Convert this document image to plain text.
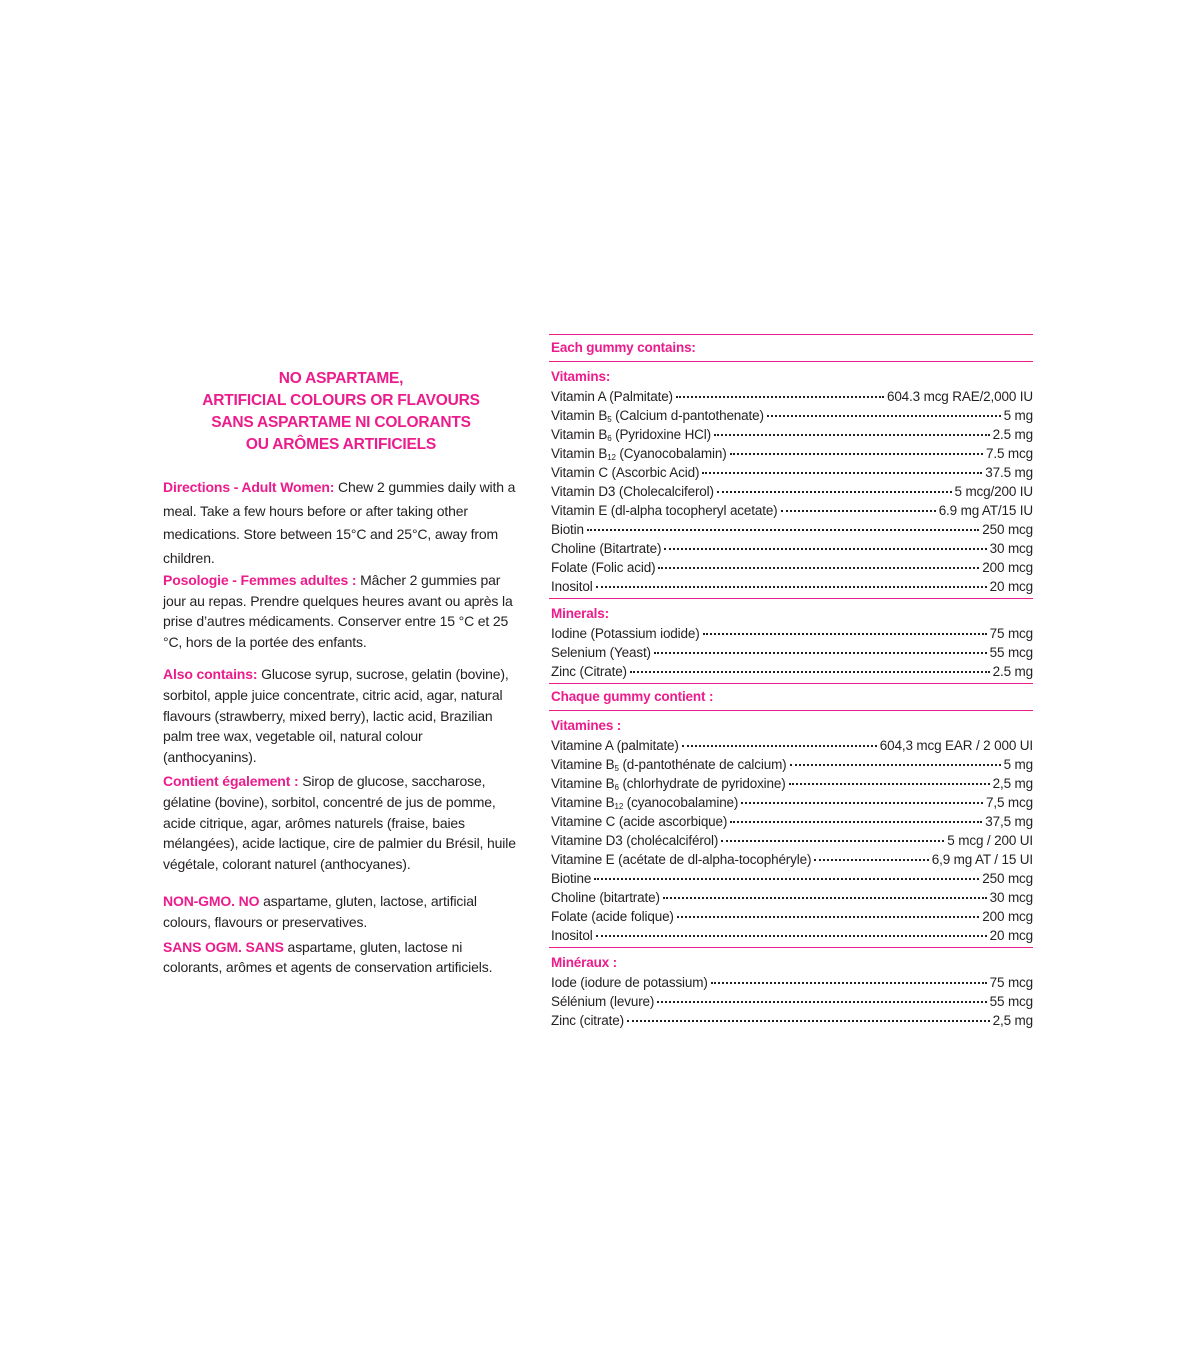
NO ASPARTAME,
ARTIFICIAL COLOURS OR FLAVOURS
SANS ASPARTAME NI COLORANTS
OU ARÔMES ARTIFICIELS
Directions - Adult Women: Chew 2 gummies daily with a meal. Take a few hours before or after taking other medications. Store between 15°C and 25°C, away from children.
Posologie - Femmes adultes : Mâcher 2 gummies par jour au repas. Prendre quelques heures avant ou après la prise d’autres médicaments. Conserver entre 15 °C et 25 °C, hors de la portée des enfants.
Also contains: Glucose syrup, sucrose, gelatin (bovine), sorbitol, apple juice concentrate, citric acid, agar, natural flavours (strawberry, mixed berry), lactic acid, Brazilian palm tree wax, vegetable oil, natural colour (anthocyanins).
Contient également : Sirop de glucose, saccharose, gélatine (bovine), sorbitol, concentré de jus de pomme, acide citrique, agar, arômes naturels (fraise, baies mélangées), acide lactique, cire de palmier du Brésil, huile végétale, colorant naturel (anthocyanes).
NON-GMO. NO aspartame, gluten, lactose, artificial colours, flavours or preservatives.
SANS OGM. SANS aspartame, gluten, lactose ni colorants, arômes et agents de conservation artificiels.
Each gummy contains:
Vitamins:
Vitamin A (Palmitate)	604.3 mcg RAE/2,000 IU
Vitamin $B_5$ (Calcium d-pantothenate)	5 mg
Vitamin $B_6$ (Pyridoxine HCl)	2.5 mg
Vitamin $B_{12}$ (Cyanocobalamin)	7.5 mcg
Vitamin C (Ascorbic Acid)	37.5 mg
Vitamin D3 (Cholecalciferol)	5 mcg/200 IU
Vitamin E (dl-alpha tocopheryl acetate)	6.9 mg AT/15 IU
Biotin	250 mcg
Choline (Bitartrate)	30 mcg
Folate (Folic acid)	200 mcg
Inositol	20 mcg
Minerals:
Iodine (Potassium iodide)	75 mcg
Selenium (Yeast)	55 mcg
Zinc (Citrate)	2.5 mg
Chaque gummy contient :
Vitamines :
Vitamine A (palmitate)	604,3 mcg EAR / 2 000 UI
Vitamine $B_5$ (d-pantothénate de calcium)	5 mg
Vitamine $B_6$ (chlorhydrate de pyridoxine)	2,5 mg
Vitamine $B_{12}$ (cyanocobalamine)	7,5 mcg
Vitamine C (acide ascorbique)	37,5 mg
Vitamine D3 (cholécalciférol)	5 mcg / 200 UI
Vitamine E (acétate de dl-alpha-tocophéryle)	6,9 mg AT / 15 UI
Biotine	250 mcg
Choline (bitartrate)	30 mcg
Folate (acide folique)	200 mcg
Inositol	20 mcg
Minéraux :
Iode (iodure de potassium)	75 mcg
Sélénium (levure)	55 mcg
Zinc (citrate)	2,5 mg
